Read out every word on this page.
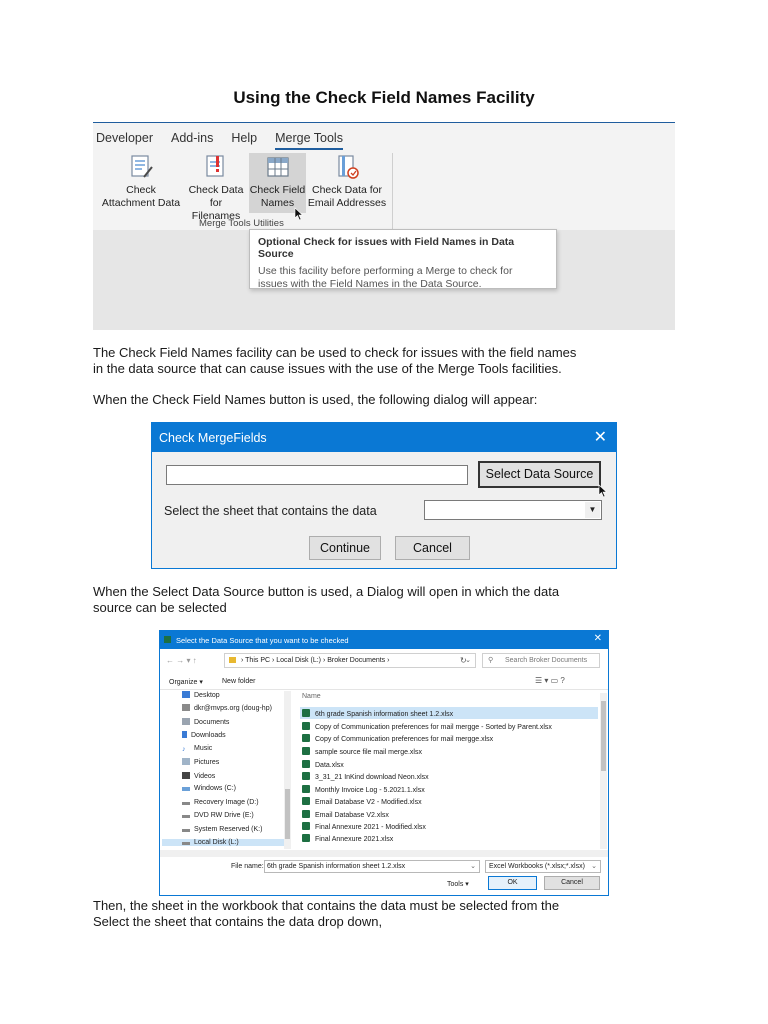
Using the Check Field Names Facility
Developer Add-ins Help Merge Tools
Check
Attachment Data
Check Data
for Filenames
Check Field
Names
Check Data for
Email Addresses
Merge Tools Utilities
Optional Check for issues with Field Names in Data Source
Use this facility before performing a Merge to check for
issues with the Field Names in the Data Source.
The Check Field Names facility can be used to check for issues with the field names
in the data source that can cause issues with the use of the Merge Tools facilities.
When the Check Field Names button is used, the following dialog will appear:
Check MergeFields	✕
Select Data Source
Select the sheet that contains the data	▼
Continue	Cancel
When the Select Data Source button is used, a Dialog will open in which the data
source can be selected
Select the Data Source that you want to be checked	✕
← → ▾ ↑	› This PC › Local Disk (L:) › Broker Documents ›	⌄
↻	⚲ Search Broker Documents
Organize ▾	New folder	☰ ▾ ▭ ?
Desktop
dkr@mvps.org (doug-hp)
Documents
Downloads
♪ Music
Pictures
Videos
Windows (C:)
Recovery Image (D:)
DVD RW Drive (E:)
System Reserved (K:)
Local Disk (L:)
Name
6th grade Spanish information sheet 1.2.xlsx
Copy of Communication preferences for mail mergge - Sorted by Parent.xlsx
Copy of Communication preferences for mail mergge.xlsx
sample source file mail merge.xlsx
Data.xlsx
3_31_21 InKind download Neon.xlsx
Monthly Invoice Log - 5.2021.1.xlsx
Email Database V2 - Modified.xlsx
Email Database V2.xlsx
Final Annexure 2021 - Modified.xlsx
Final Annexure 2021.xlsx
File name: 6th grade Spanish information sheet 1.2.xlsx	⌄	Excel Workbooks (*.xlsx;*.xlsx) ⌄
Tools ▾	OK	Cancel
Then, the sheet in the workbook that contains the data must be selected from the
Select the sheet that contains the data drop down,
